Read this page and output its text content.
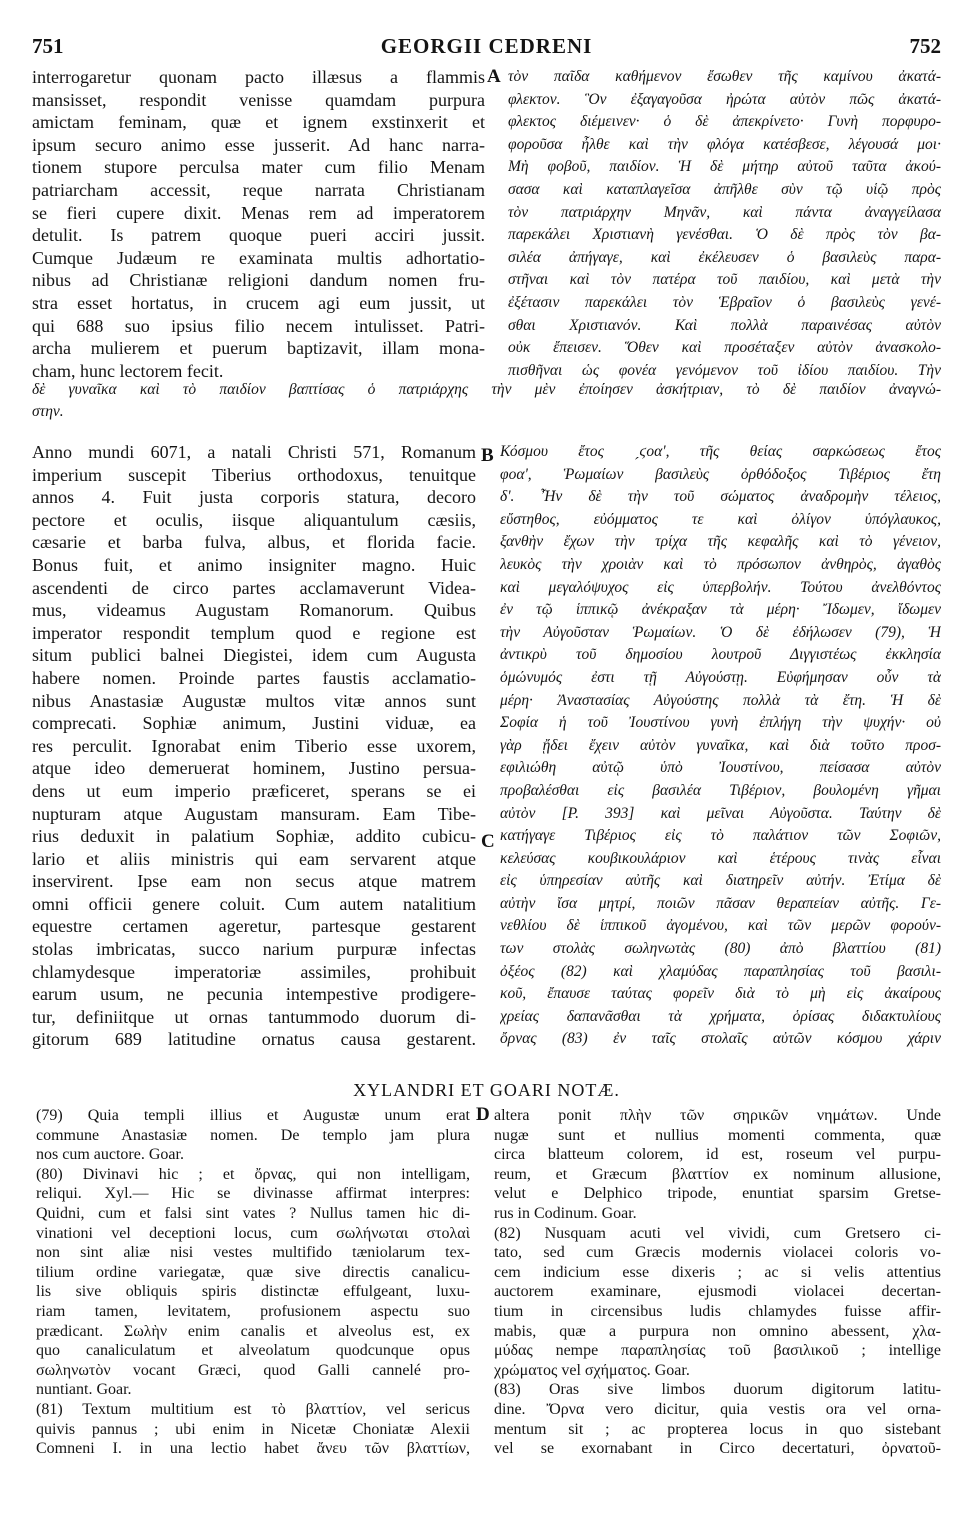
751	GEORGII CEDRENI	752
interrogaretur quonam pacto illæsus a flammis
mansisset, respondit venisse quamdam purpura
amictam feminam, quæ et ignem exstinxerit et
ipsum securo animo esse jusserit. Ad hanc narra-
tionem stupore perculsa mater cum filio Menam
patriarcham accessit, reque narrata Christianam
se fieri cupere dixit. Menas rem ad imperatorem
detulit. Is patrem quoque pueri acciri jussit.
Cumque Judæum re examinata multis adhortatio-
nibus ad Christianæ religioni dandum nomen fru-
stra esset hortatus, in crucem agi eum jussit, ut
qui 688 suo ipsius filio necem intulisset. Patri-
archa mulierem et puerum baptizavit, illam mona-
cham, hunc lectorem fecit.
A τὸν παῖδα καθήμενον ἔσωθεν τῆς καμίνου ἀκατά-
φλεκτον. Ὃν ἐξαγαγοῦσα ἠρώτα αὐτὸν πῶς ἀκατά-
φλεκτος διέμεινεν· ὁ δὲ ἀπεκρίνετο· Γυνὴ πορφυρο-
φοροῦσα ἦλθε καὶ τὴν φλόγα κατέσβεσε, λέγουσά μοι·
Μὴ φοβοῦ, παιδίον. Ἡ δὲ μήτηρ αὐτοῦ ταῦτα ἀκού-
σασα καὶ καταπλαγεῖσα ἀπῆλθε σὺν τῷ υἱῷ πρὸς
τὸν πατριάρχην Μηνᾶν, καὶ πάντα ἀναγγείλασα
παρεκάλει Χριστιανὴ γενέσθαι. Ὁ δὲ πρὸς τὸν βα-
σιλέα ἀπήγαγε, καὶ ἐκέλευσεν ὁ βασιλεὺς παρα-
στῆναι καὶ τὸν πατέρα τοῦ παιδίου, καὶ μετὰ τὴν
ἐξέτασιν παρεκάλει τὸν Ἑβραῖον ὁ βασιλεὺς γενέ-
σθαι Χριστιανόν. Καὶ πολλὰ παραινέσας αὐτὸν
οὐκ ἔπεισεν. Ὅθεν καὶ προσέταξεν αὐτὸν ἀνασκολο-
πισθῆναι ὡς φονέα γενόμενον τοῦ ἰδίου παιδίου. Τὴν
δὲ γυναῖκα καὶ τὸ παιδίον βαπτίσας ὁ πατριάρχης τὴν μὲν ἐποίησεν ἀσκήτριαν, τὸ δὲ παιδίον ἀναγνώ-
στην.
Anno mundi 6071, a natali Christi 571, Romanum
imperium suscepit Tiberius orthodoxus, tenuitque
annos 4. Fuit justa corporis statura, decoro
pectore et oculis, iisque aliquantulum cæsiis,
cæsarie et barba fulva, albus, et florida facie.
Bonus fuit, et animo insigniter magno. Huic
ascendenti de circo partes acclamaverunt Videa-
mus, videamus Augustam Romanorum. Quibus
imperator respondit templum quod e regione est
situm publici balnei Diegistei, idem cum Augusta
habere nomen. Proinde partes faustis acclamatio-
nibus Anastasiæ Augustæ multos vitæ annos sunt
comprecati. Sophiæ animum, Justini viduæ, ea
res perculit. Ignorabat enim Tiberio esse uxorem,
atque ideo demeruerat hominem, Justino persua-
dens ut eum imperio præficeret, sperans se ei
nupturam atque Augustam mansuram. Eam Tibe-
rius deduxit in palatium Sophiæ, addito cubicu-
lario et aliis ministris qui eam servarent atque
inservirent. Ipse eam non secus atque matrem
omni officii genere coluit. Cum autem natalitium
equestre certamen ageretur, partesque gestarent
stolas imbricatas, succo narium purpuræ infectas
chlamydesque imperatoriæ assimiles, prohibuit
earum usum, ne pecunia intempestive prodigere-
tur, definiitque ut ornas tantummodo duorum di-
gitorum 689 latitudine ornatus causa gestarent.
B
C
Κόσμου ἔτος ˏϛοα', τῆς θείας σαρκώσεως ἔτος
φοα', Ῥωμαίων βασιλεὺς ὀρθόδοξος Τιβέριος ἔτη
δ'. Ἦν δὲ τὴν τοῦ σώματος ἀναδρομὴν τέλειος,
εὔστηθος, εὐόμματος τε καὶ ὀλίγον ὑπόγλαυκος,
ξανθὴν ἔχων τὴν τρίχα τῆς κεφαλῆς καὶ τὸ γένειον,
λευκὸς τὴν χροιὰν καὶ τὸ πρόσωπον ἀνθηρὸς, ἀγαθὸς
καὶ μεγαλόψυχος εἰς ὑπερβολήν. Τούτου ἀνελθόντος
ἐν τῷ ἱππικῷ ἀνέκραξαν τὰ μέρη· Ἴδωμεν, ἴδωμεν
τὴν Αὐγοῦσταν Ῥωμαίων. Ὁ δὲ ἐδήλωσεν (79), Ἡ
ἀντικρὺ τοῦ δημοσίου λουτροῦ Διγγιστέως ἐκκλησία
ὁμώνυμός ἐστι τῇ Αὐγούστῃ. Εὐφήμησαν οὖν τὰ
μέρη· Ἀναστασίας Αὐγούστης πολλὰ τὰ ἔτη. Ἡ δὲ
Σοφία ἡ τοῦ Ἰουστίνου γυνὴ ἐπλήγη τὴν ψυχήν· οὐ
γὰρ ᾔδει ἔχειν αὐτὸν γυναῖκα, καὶ διὰ τοῦτο προσ-
εφιλιώθη αὐτῷ ὑπὸ Ἰουστίνου, πείσασα αὐτὸν
προβαλέσθαι εἰς βασιλέα Τιβέριον, βουλομένη γῆμαι
αὐτὸν [P. 393] καὶ μεῖναι Αὐγοῦστα. Ταύτην δὲ
κατήγαγε Τιβέριος εἰς τὸ παλάτιον τῶν Σοφιῶν,
κελεύσας κουβικουλάριον καὶ ἑτέρους τινὰς εἶναι
εἰς ὑπηρεσίαν αὐτῆς καὶ διατηρεῖν αὐτήν. Ἐτίμα δὲ
αὐτὴν ἴσα μητρί, ποιῶν πᾶσαν θεραπείαν αὐτῆς. Γε-
νεθλίου δὲ ἱππικοῦ ἀγομένου, καὶ τῶν μερῶν φορούν-
των στολὰς σωληνωτὰς (80) ἀπὸ βλαττίου (81)
ὀξέος (82) καὶ χλαμύδας παραπλησίας τοῦ βασιλι-
κοῦ, ἔπαυσε ταύτας φορεῖν διὰ τὸ μὴ εἰς ἀκαίρους
χρείας δαπανᾶσθαι τὰ χρήματα, ὁρίσας διδακτυλίους
ὄρνας (83) ἐν ταῖς στολαῖς αὐτῶν κόσμου χάριν
XYLANDRI ET GOARI NOTÆ.
(79) Quia templi illius et Augustæ unum erat
commune Anastasiæ nomen. De templo jam plura
nos cum auctore. Goar.
(80) Divinavi hic ; et ὄρνας, qui non intelligam,
reliqui. Xyl.— Hic se divinasse affirmat interpres:
Quidni, cum et falsi sint vates ? Nullus tamen hic di-
vinationi vel deceptioni locus, cum σωλήνωται στολαὶ
non sint aliæ nisi vestes multifido tæniolarum tex-
tilium ordine variegatæ, quæ sive directis canalicu-
lis sive obliquis spiris distinctæ effulgeant, luxu-
riam tamen, levitatem, profusionem aspectu suo
prædicant. Σωλὴν enim canalis et alveolus est, ex
quo canaliculatum et alveolatum quodcunque opus
σωληνωτὸν vocant Græci, quod Galli cannelé pro-
nuntiant. Goar.
(81) Textum multitium est τὸ βλαττίον, vel sericus
quivis pannus ; ubi enim in Nicetæ Choniatæ Alexii
Comneni I. in una lectio habet ἄνευ τῶν βλαττίων,
D altera ponit πλὴν τῶν σηρικῶν νημάτων. Unde
nugæ sunt et nullius momenti commenta, quæ
circa blatteum colorem, id est, roseum vel purpu-
reum, et Græcum βλαττίον ex nominum allusione,
velut e Delphico tripode, enuntiat sparsim Gretse-
rus in Codinum. Goar.
(82) Nusquam acuti vel vividi, cum Gretsero ci-
tato, sed cum Græcis modernis violacei coloris vo-
cem indicium esse dixeris ; ac si velis attentius
auctorem examinare, ejusmodi violacei decertan-
tium in circensibus ludis chlamydes fuisse affir-
mabis, quæ a purpura non omnino abessent, χλα-
μύδας nempe παραπλησίας τοῦ βασιλικοῦ ; intellige
χρώματος vel σχήματος. Goar.
(83) Oras sive limbos duorum digitorum latitu-
dine. Ὄρνα vero dicitur, quia vestis ora vel orna-
mentum sit ; ac propterea locus in quo sistebant
vel se exornabant in Circo decertaturi, ὀρνατοῦ-
